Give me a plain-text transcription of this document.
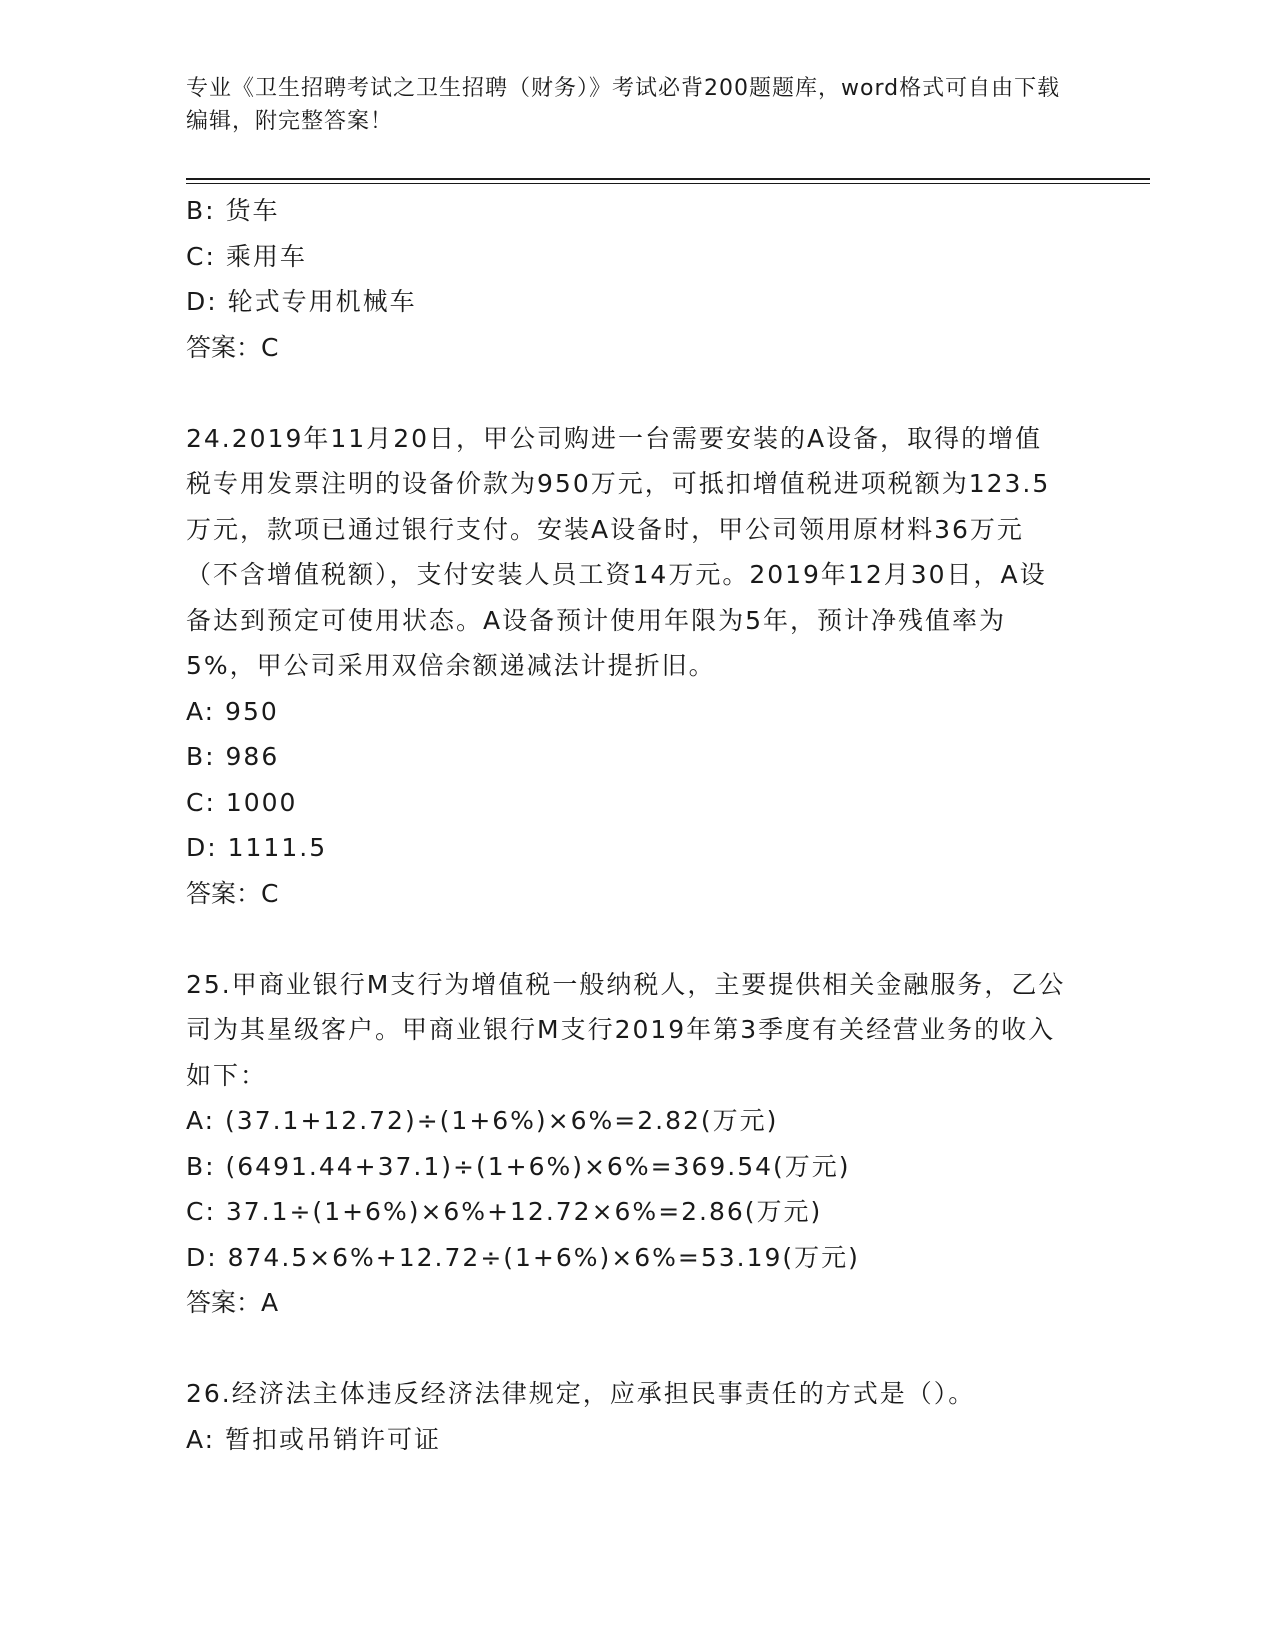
专业《卫生招聘考试之卫生招聘（财务）》考试必背200题题库，word格式可自由下载编辑，附完整答案！
B: 货车
C: 乘用车
D: 轮式专用机械车
答案：C
24.2019年11月20日，甲公司购进一台需要安装的A设备，取得的增值税专用发票注明的设备价款为950万元，可抵扣增值税进项税额为123.5万元，款项已通过银行支付。安装A设备时，甲公司领用原材料36万元（不含增值税额），支付安装人员工资14万元。2019年12月30日，A设备达到预定可使用状态。A设备预计使用年限为5年，预计净残值率为5%，甲公司采用双倍余额递减法计提折旧。
A: 950
B: 986
C: 1000
D: 1111.5
答案：C
25.甲商业银行M支行为增值税一般纳税人，主要提供相关金融服务，乙公司为其星级客户。甲商业银行M支行2019年第3季度有关经营业务的收入如下：
A: (37.1+12.72)÷(1+6%)×6%=2.82(万元)
B: (6491.44+37.1)÷(1+6%)×6%=369.54(万元)
C: 37.1÷(1+6%)×6%+12.72×6%=2.86(万元)
D: 874.5×6%+12.72÷(1+6%)×6%=53.19(万元)
答案：A
26.经济法主体违反经济法律规定，应承担民事责任的方式是（）。
A: 暂扣或吊销许可证
